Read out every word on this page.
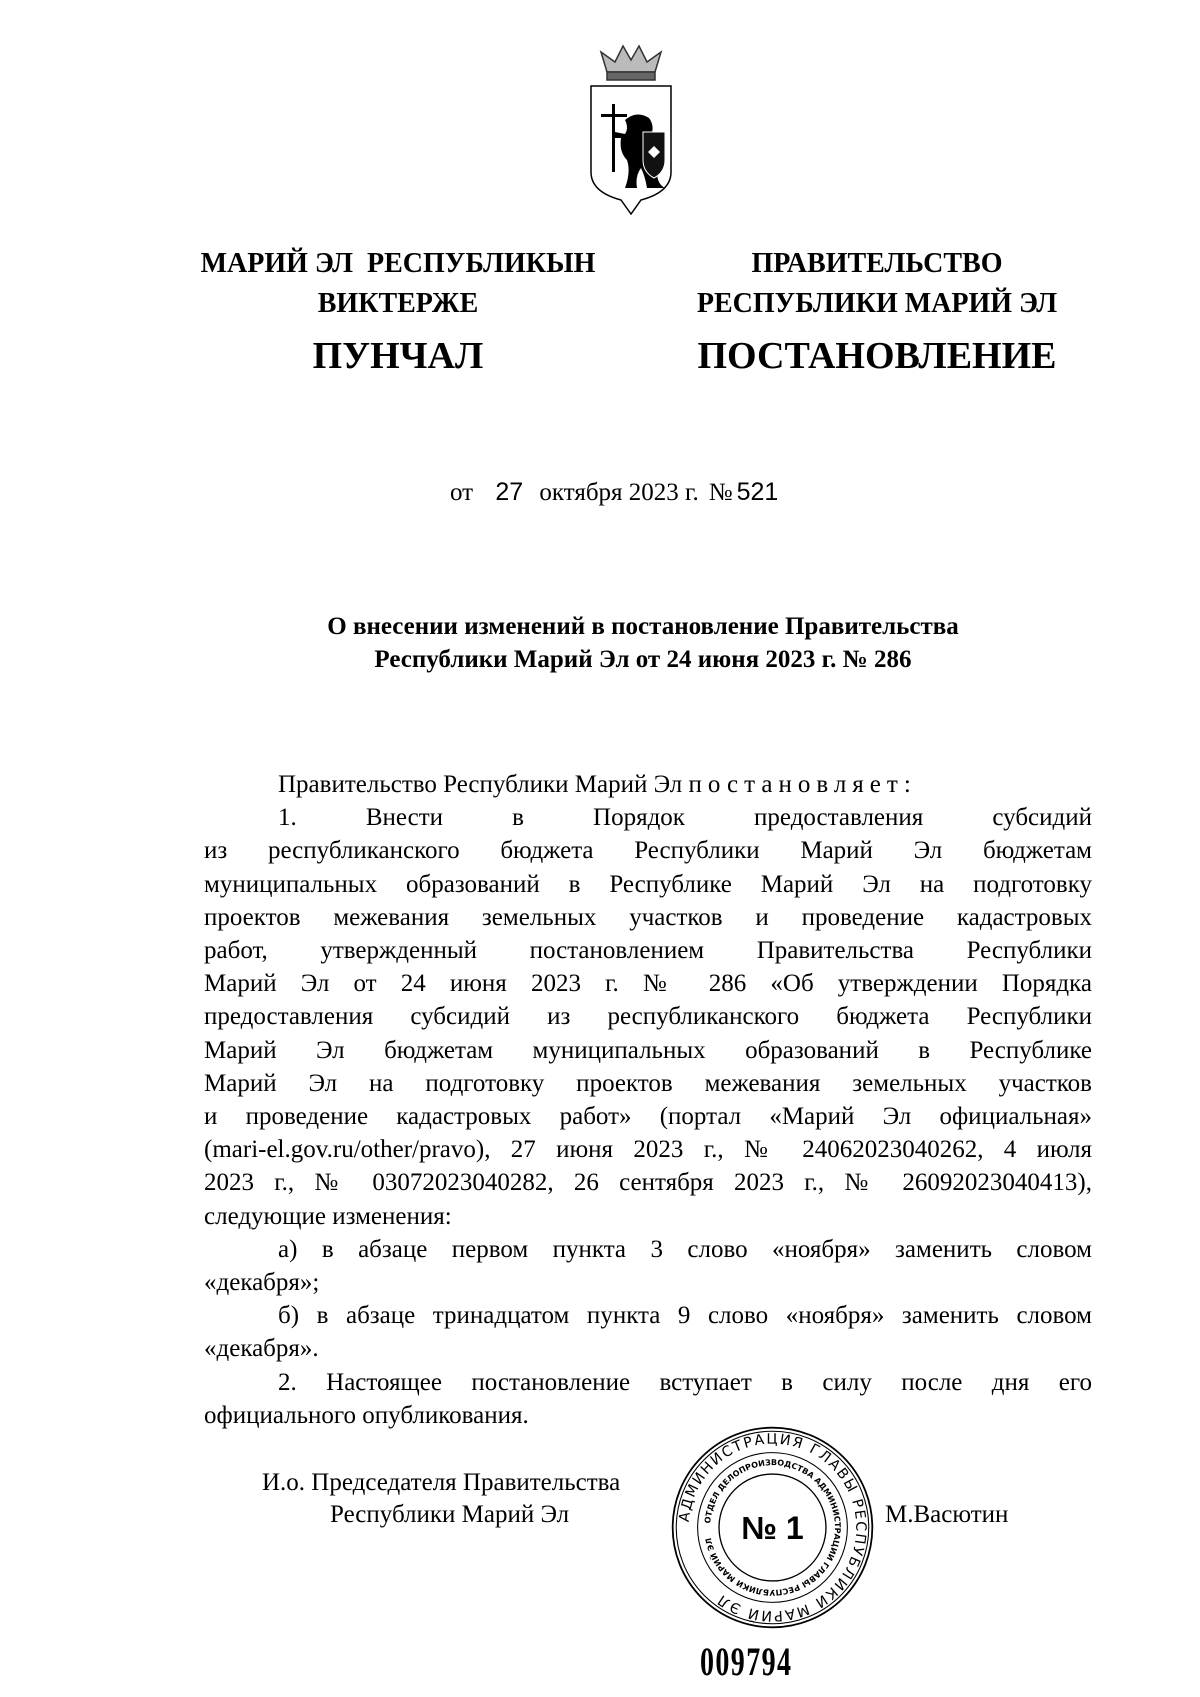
МАРИЙ ЭЛ  РЕСПУБЛИКЫН
ВИКТЕРЖЕ
ПУНЧАЛ
ПРАВИТЕЛЬСТВО
РЕСПУБЛИКИ МАРИЙ ЭЛ
ПОСТАНОВЛЕНИЕ
от 27 октября 2023 г. № 521
О внесении изменений в постановление Правительства
Республики Марий Эл от 24 июня 2023 г. № 286
Правительство Республики Марий Эл постановляет:
1. Внести в Порядок предоставления субсидий
из республиканского бюджета Республики Марий Эл бюджетам
муниципальных образований в Республике Марий Эл на подготовку
проектов межевания земельных участков и проведение кадастровых
работ, утвержденный постановлением Правительства Республики
Марий Эл от 24 июня 2023 г. № 286 «Об утверждении Порядка
предоставления субсидий из республиканского бюджета Республики
Марий Эл бюджетам муниципальных образований в Республике
Марий Эл на подготовку проектов межевания земельных участков
и проведение кадастровых работ» (портал «Марий Эл официальная»
(mari-el.gov.ru/other/pravo), 27 июня 2023 г., № 24062023040262, 4 июля
2023 г., № 03072023040282, 26 сентября 2023 г., № 26092023040413),
следующие изменения:
а) в абзаце первом пункта 3 слово «ноября» заменить словом
«декабря»;
б) в абзаце тринадцатом пункта 9 слово «ноября» заменить словом
«декабря».
2. Настоящее постановление вступает в силу после дня его
официального опубликования.
И.о. Председателя Правительства
Республики Марий Эл	М.Васютин
АДМИНИСТРАЦИЯ ГЛАВЫ РЕСПУБЛИКИ МАРИЙ ЭЛ
ОТДЕЛ ДЕЛОПРОИЗВОДСТВА АДМИНИСТРАЦИИ ГЛАВЫ РЕСПУБЛИКИ МАРИЙ ЭЛ № 1
009794
